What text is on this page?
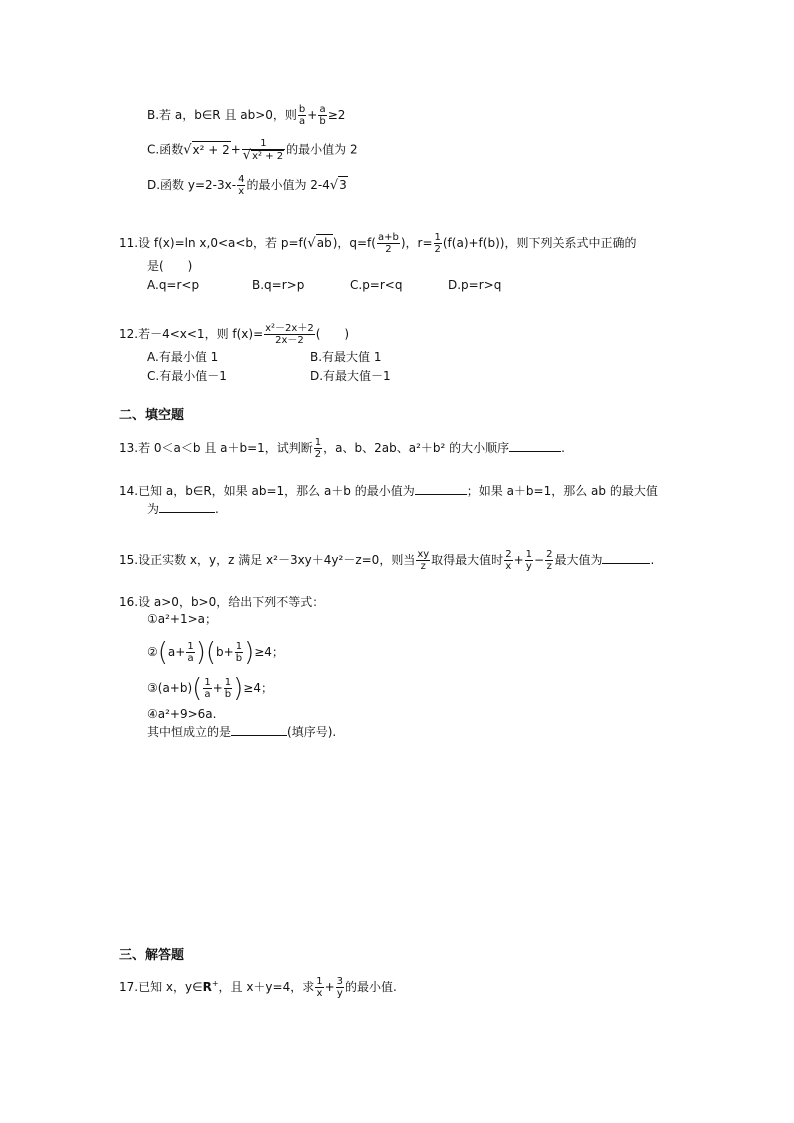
B.若 a，b∈R 且 ab>0，则 $\frac{b}{a} + \frac{a}{b} \ge 2$
C.函数$√x^2 + 2+ \frac{1}{\text{√x² + 2}}$ 的最小值为 2
D.函数 $y=2-3x- \frac{4}{x}$ 的最小值为 2-4√3
11.设 f(x)=ln x,0<a<b，若 p=f(√ab)，$q=f( \frac{a+b}{2}$ )，$r= \frac{1}{2} (f(a)+f(b))$，则下列关系式中正确的
是(　　)
A.q=r<p	B.q=r>p	C.p=r<q	D.p=r>q
12.若－4<x<1，则 $f(x)= \frac{\text{x²－2x＋2}}{2x-2}$ (　　)
A.有最小值 1	B.有最大值 1
C.有最小值－1	D.有最大值－1
二、填空题
13.若 0＜a＜b 且 a＋b=1，试判断 $\frac{1}{2}$ ，a、b、2ab、a²＋b² 的大小顺序	.
14.已知 a，b∈R，如果 ab=1，那么 a＋b 的最小值为	；如果 a＋b=1，那么 ab 的最大值
为	.
15.设正实数 x，y，z 满足 x²－3xy＋4y²－z=0，则当 $\frac{xy}{z}$ 取得最大值时 $\frac{2}{x} + \frac{1}{y} - \frac{2}{z}$ 最大值为	.
16.设 a>0，b>0，给出下列不等式：
①a²+1>a；
②(a+ $\frac{1}{a} )(b+ \frac{1}{b} )\ge 4$；
③(a+b)( $\frac{1}{a} + \frac{1}{b} )\ge 4$；
④a²+9>6a.
其中恒成立的是	(填序号).
三、解答题
17.已知 x，y∈R+，且 x＋y=4，求 $\frac{1}{x} + \frac{3}{y}$ 的最小值.
